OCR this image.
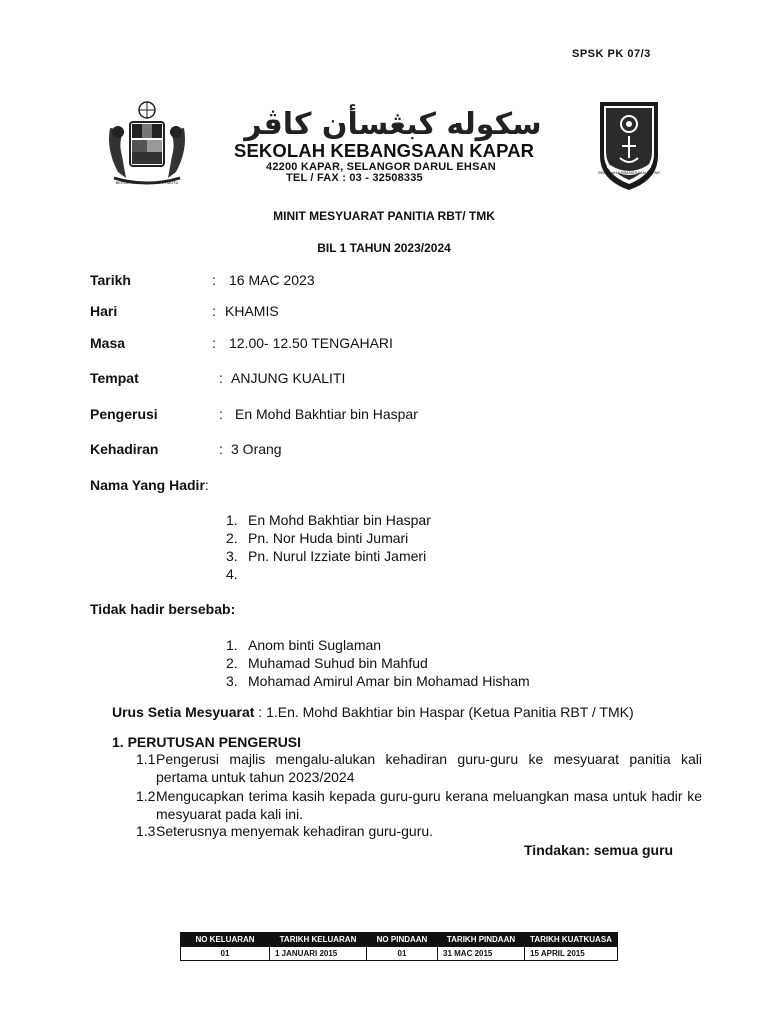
SPSK PK 07/3
BERSEKUTU BERTAMBAH MUTU
سکوله کبڠسأن کاڤر
SEKOLAH KEBANGSAAN KAPAR
42200 KAPAR, SELANGOR DARUL EHSAN
TEL / FAX : 03 - 32508335	SEKOLAH KEBANGSAAN KAPAR
MINIT MESYUARAT PANITIA RBT/ TMK
BIL 1 TAHUN 2023/2024
Tarikh	: 16 MAC 2023
Hari	: KHAMIS
Masa	: 12.00- 12.50 TENGAHARI
Tempat	: ANJUNG KUALITI
Pengerusi	: En Mohd Bakhtiar bin Haspar
Kehadiran	: 3 Orang
Nama Yang Hadir:
1. En Mohd Bakhtiar bin Haspar
2. Pn. Nor Huda binti Jumari
3. Pn. Nurul Izziate binti Jameri
4.
Tidak hadir bersebab:
1. Anom binti Suglaman
2. Muhamad Suhud bin Mahfud
3. Mohamad Amirul Amar bin Mohamad Hisham
Urus Setia Mesyuarat : 1.En. Mohd Bakhtiar bin Haspar (Ketua Panitia RBT / TMK)
1. PERUTUSAN PENGERUSI
1.1 Pengerusi majlis mengalu-alukan kehadiran guru-guru ke mesyuarat panitia kali pertama untuk tahun 2023/2024
1.2 Mengucapkan terima kasih kepada guru-guru kerana meluangkan masa untuk hadir ke mesyuarat pada kali ini.
1.3 Seterusnya menyemak kehadiran guru-guru.
Tindakan: semua guru
NO KELUARAN	TARIKH KELUARAN	NO PINDAAN	TARIKH PINDAAN	TARIKH KUATKUASA
01	1 JANUARI 2015	01	31 MAC 2015	15 APRIL 2015
